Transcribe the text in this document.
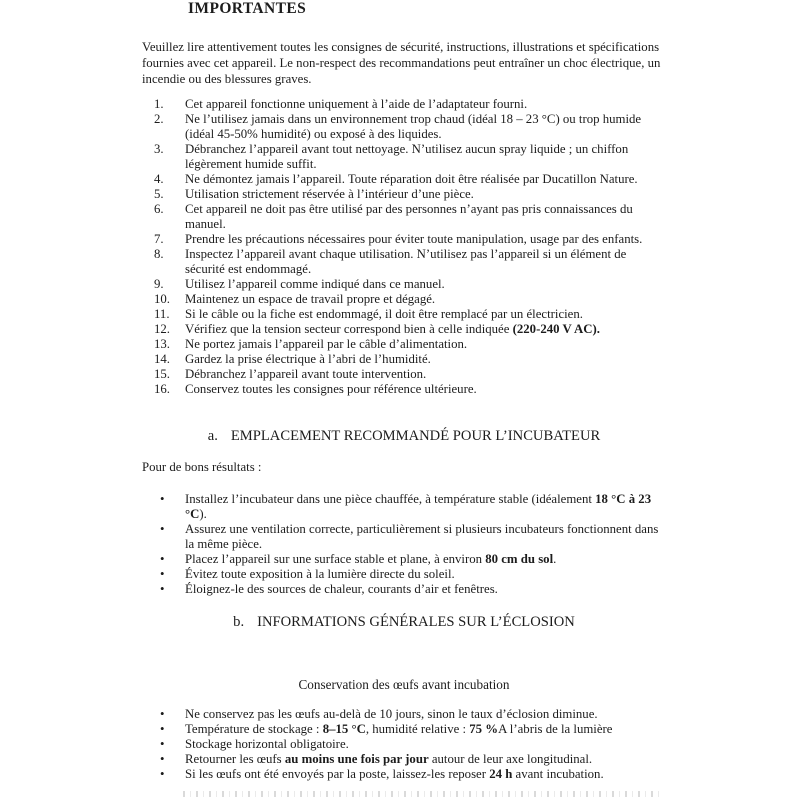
IMPORTANTES

Veuillez lire attentivement toutes les consignes de sécurité, instructions, illustrations et spécifications fournies avec cet appareil. Le non-respect des recommandations peut entraîner un choc électrique, un incendie ou des blessures graves.

1.	Cet appareil fonctionne uniquement à l’aide de l’adaptateur fourni.
2.	Ne l’utilisez jamais dans un environnement trop chaud (idéal 18 – 23 °C) ou trop humide (idéal 45-50% humidité) ou exposé à des liquides.
3.	Débranchez l’appareil avant tout nettoyage. N’utilisez aucun spray liquide ; un chiffon légèrement humide suffit.
4.	Ne démontez jamais l’appareil. Toute réparation doit être réalisée par Ducatillon Nature.
5.	Utilisation strictement réservée à l’intérieur d’une pièce.
6.	Cet appareil ne doit pas être utilisé par des personnes n’ayant pas pris connaissances du manuel.
7.	Prendre les précautions nécessaires pour éviter toute manipulation, usage par des enfants.
8.	Inspectez l’appareil avant chaque utilisation. N’utilisez pas l’appareil si un élément de sécurité est endommagé.
9.	Utilisez l’appareil comme indiqué dans ce manuel.
10.	Maintenez un espace de travail propre et dégagé.
11.	Si le câble ou la fiche est endommagé, il doit être remplacé par un électricien.
12.	Vérifiez que la tension secteur correspond bien à celle indiquée (220-240 V AC).
13.	Ne portez jamais l’appareil par le câble d’alimentation.
14.	Gardez la prise électrique à l’abri de l’humidité.
15.	Débranchez l’appareil avant toute intervention.
16.	Conservez toutes les consignes pour référence ultérieure.
a. EMPLACEMENT RECOMMANDÉ POUR L’INCUBATEUR

Pour de bons résultats :

•	Installez l’incubateur dans une pièce chauffée, à température stable (idéalement 18 °C à 23 °C).
•	Assurez une ventilation correcte, particulièrement si plusieurs incubateurs fonctionnent dans la même pièce.
•	Placez l’appareil sur une surface stable et plane, à environ 80 cm du sol.
•	Évitez toute exposition à la lumière directe du soleil.
•	Éloignez-le des sources de chaleur, courants d’air et fenêtres.
b. INFORMATIONS GÉNÉRALES SUR L’ÉCLOSION
Conservation des œufs avant incubation
•	Ne conservez pas les œufs au-delà de 10 jours, sinon le taux d’éclosion diminue.
•	Température de stockage : 8–15 °C, humidité relative : 75 %A l’abris de la lumière
•	Stockage horizontal obligatoire.
•	Retourner les œufs au moins une fois par jour autour de leur axe longitudinal.
•	Si les œufs ont été envoyés par la poste, laissez-les reposer 24 h avant incubation.
